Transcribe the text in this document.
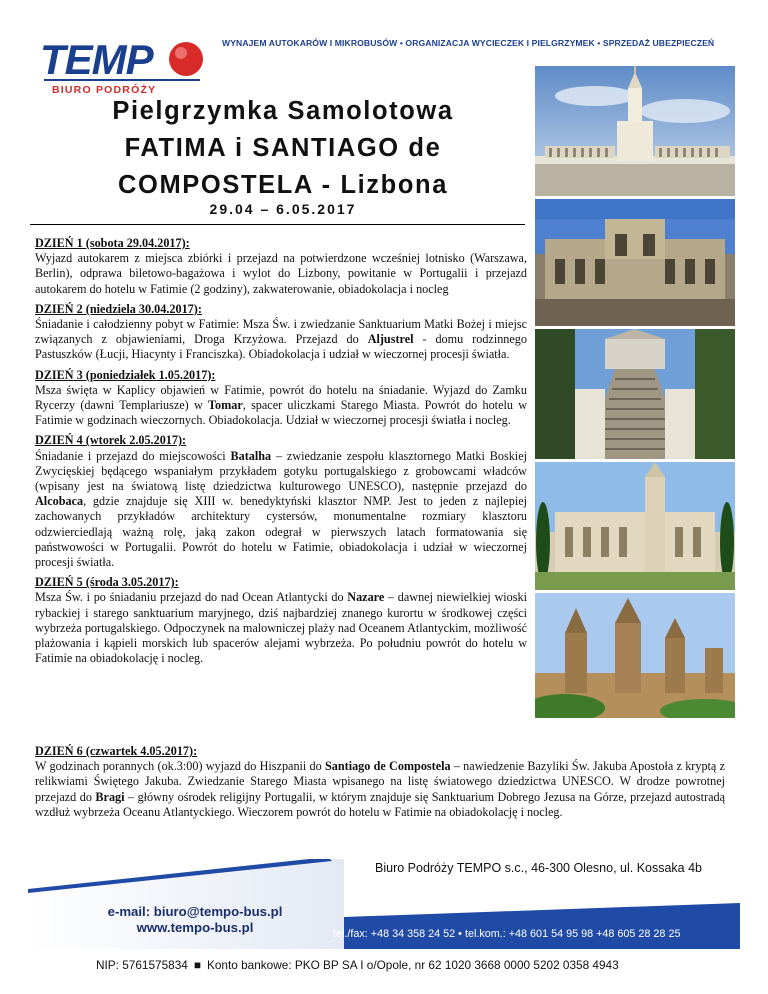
TEMP
BIURO PODRÓŻY
WYNAJEM AUTOKARÓW I MIKROBUSÓW • ORGANIZACJA WYCIECZEK I PIELGRZYMEK • SPRZEDAŻ UBEZPIECZEŃ
Pielgrzymka Samolotowa
FATIMA i SANTIAGO de
COMPOSTELA - Lizbona
29.04 – 6.05.2017
DZIEŃ 1 (sobota 29.04.2017):
Wyjazd autokarem z miejsca zbiórki i przejazd na potwierdzone wcześniej lotnisko (Warszawa, Berlin), odprawa biletowo-bagażowa i wylot do Lizbony, powitanie w Portugalii i przejazd autokarem do hotelu w Fatimie (2 godziny), zakwaterowanie, obiadokolacja i nocleg
DZIEŃ 2 (niedziela 30.04.2017):
Śniadanie i całodzienny pobyt w Fatimie: Msza Św. i zwiedzanie Sanktuarium Matki Bożej i miejsc związanych z objawieniami, Droga Krzyżowa. Przejazd do Aljustrel - domu rodzinnego Pastuszków (Łucji, Hiacynty i Franciszka). Obiadokolacja i udział w wieczornej procesji światła.
DZIEŃ 3 (poniedziałek 1.05.2017):
Msza święta w Kaplicy objawień w Fatimie, powrót do hotelu na śniadanie. Wyjazd do Zamku Rycerzy (dawni Templariusze) w Tomar, spacer uliczkami Starego Miasta. Powrót do hotelu w Fatimie w godzinach wieczornych. Obiadokolacja. Udział w wieczornej procesji światła i nocleg.
DZIEŃ 4 (wtorek 2.05.2017):
Śniadanie i przejazd do miejscowości Batalha – zwiedzanie zespołu klasztornego Matki Boskiej Zwycięskiej będącego wspaniałym przykładem gotyku portugalskiego z grobowcami władców (wpisany jest na światową listę dziedzictwa kulturowego UNESCO), następnie przejazd do Alcobaca, gdzie znajduje się XIII w. benedyktyński klasztor NMP. Jest to jeden z najlepiej zachowanych przykładów architektury cystersów, monumentalne rozmiary klasztoru odzwierciedlają ważną rolę, jaką zakon odegrał w pierwszych latach formatowania się państwowości w Portugalii. Powrót do hotelu w Fatimie, obiadokolacja i udział w wieczornej procesji światła.
DZIEŃ 5 (środa 3.05.2017):
Msza Św. i po śniadaniu przejazd do nad Ocean Atlantycki do Nazare – dawnej niewielkiej wioski rybackiej i starego sanktuarium maryjnego, dziś najbardziej znanego kurortu w środkowej części wybrzeża portugalskiego. Odpoczynek na malowniczej plaży nad Oceanem Atlantyckim, możliwość plażowania i kąpieli morskich lub spacerów alejami wybrzeża. Po południu powrót do hotelu w Fatimie na obiadokolację i nocleg.
DZIEŃ 6 (czwartek 4.05.2017):
W godzinach porannych (ok.3:00) wyjazd do Hiszpanii do Santiago de Compostela – nawiedzenie Bazyliki Św. Jakuba Apostoła z kryptą z relikwiami Świętego Jakuba. Zwiedzanie Starego Miasta wpisanego na listę światowego dziedzictwa UNESCO. W drodze powrotnej przejazd do Bragi – główny ośrodek religijny Portugalii, w którym znajduje się Sanktuarium Dobrego Jezusa na Górze, przejazd autostradą wzdłuż wybrzeża Oceanu Atlantyckiego. Wieczorem powrót do hotelu w Fatimie na obiadokolację i nocleg.
Biuro Podróży TEMPO s.c., 46-300 Olesno, ul. Kossaka 4b
e-mail: biuro@tempo-bus.pl
www.tempo-bus.pl	tel./fax: +48 34 358 24 52 • tel.kom.: +48 601 54 95 98 +48 605 28 28 25
NIP: 5761575834 ■ Konto bankowe: PKO BP SA I o/Opole, nr 62 1020 3668 0000 5202 0358 4943
